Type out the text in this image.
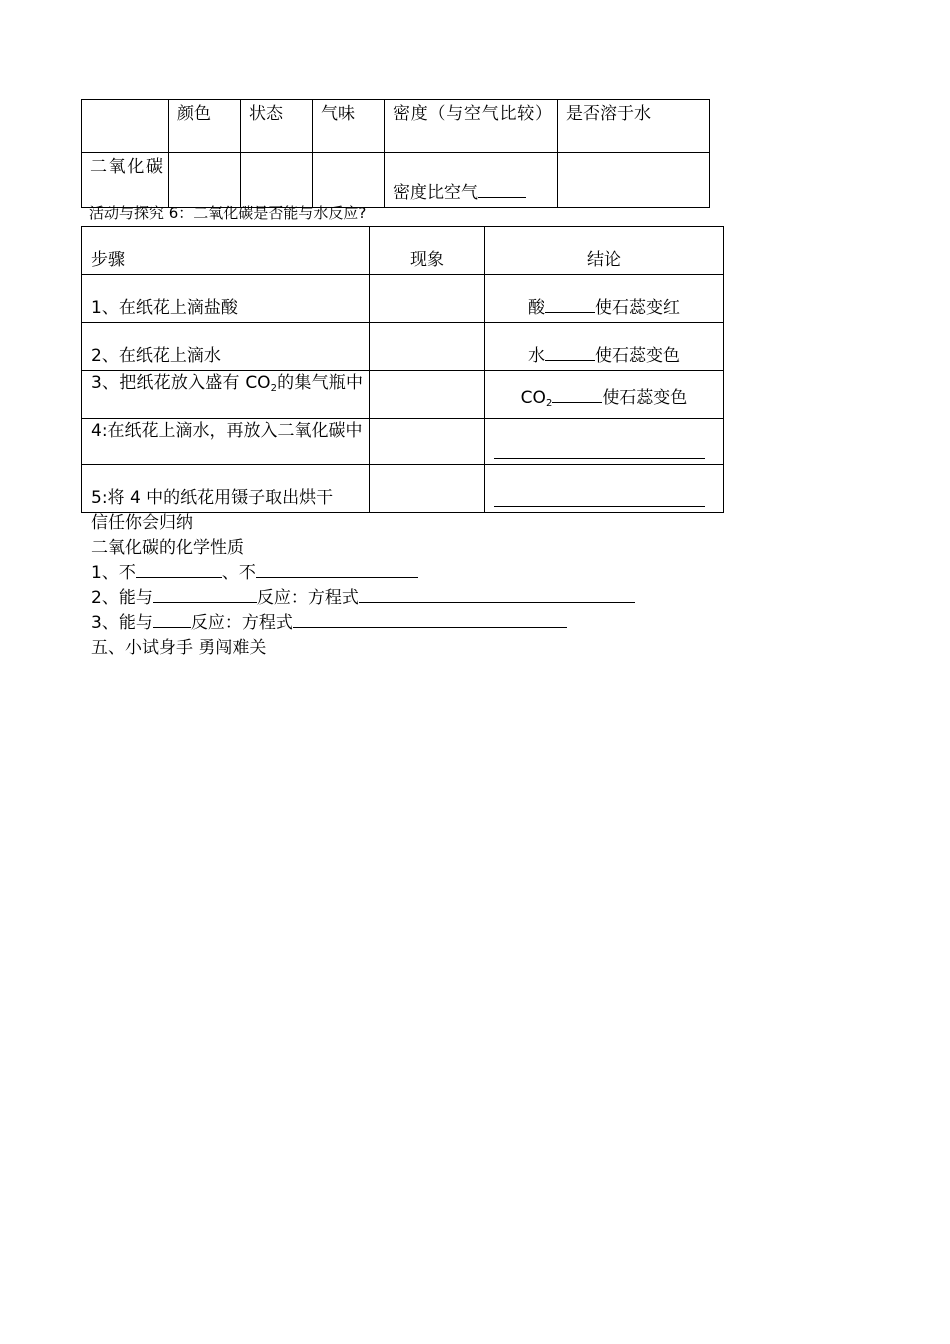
	颜色	状态	气味	密度（与空气比较）	是否溶于水
二氧化碳				密度比空气	
活动与探究 6：二氧化碳是否能与水反应?
步骤	现象	结论
1、在纸花上滴盐酸		酸 使石蕊变红
2、在纸花上滴水		水 使石蕊变色
3、把纸花放入盛有 $CO_2$的集气瓶中		$CO_2$ 使石蕊变色
4:在纸花上滴水，再放入二氧化碳中		

5:将 4 中的纸花用镊子取出烘干		
信任你会归纳
二氧化碳的化学性质
1、不	、不
2、能与	反应：方程式
3、能与 反应：方程式
五、小试身手 勇闯难关
